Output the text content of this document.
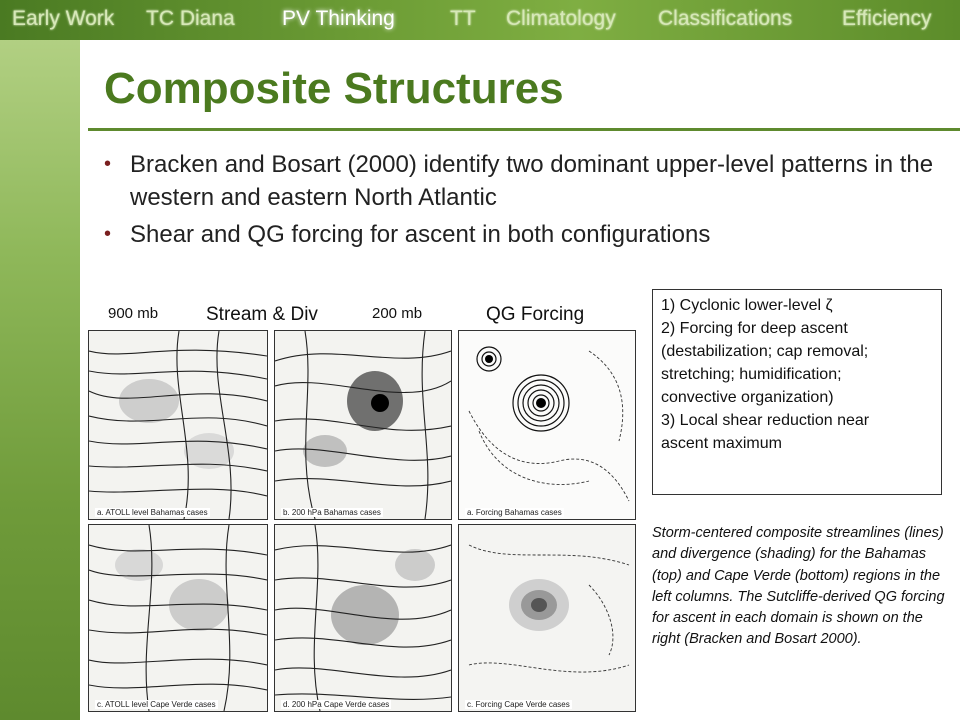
Early Work TC Diana PV Thinking	TT Climatology Classifications Efficiency
Composite Structures
• Bracken and Bosart (2000) identify two dominant upper-level patterns in the western and eastern North Atlantic
• Shear and QG forcing for ascent in both configurations
900 mb	Stream & Div	200 mb	QG Forcing
a. ATOLL level Bahamas cases	b. 200 hPa Bahamas cases	a. Forcing Bahamas cases
c. ATOLL level Cape Verde cases	d. 200 hPa Cape Verde cases	c. Forcing Cape Verde cases
1) Cyclonic lower-level ζ
2) Forcing for deep ascent
(destabilization; cap removal;
stretching; humidification;
convective organization)
3) Local shear reduction near
ascent maximum
Storm-centered composite streamlines (lines) and divergence (shading) for the Bahamas (top) and Cape Verde (bottom) regions in the left columns. The Sutcliffe-derived QG forcing for ascent in each domain is shown on the right (Bracken and Bosart 2000).
